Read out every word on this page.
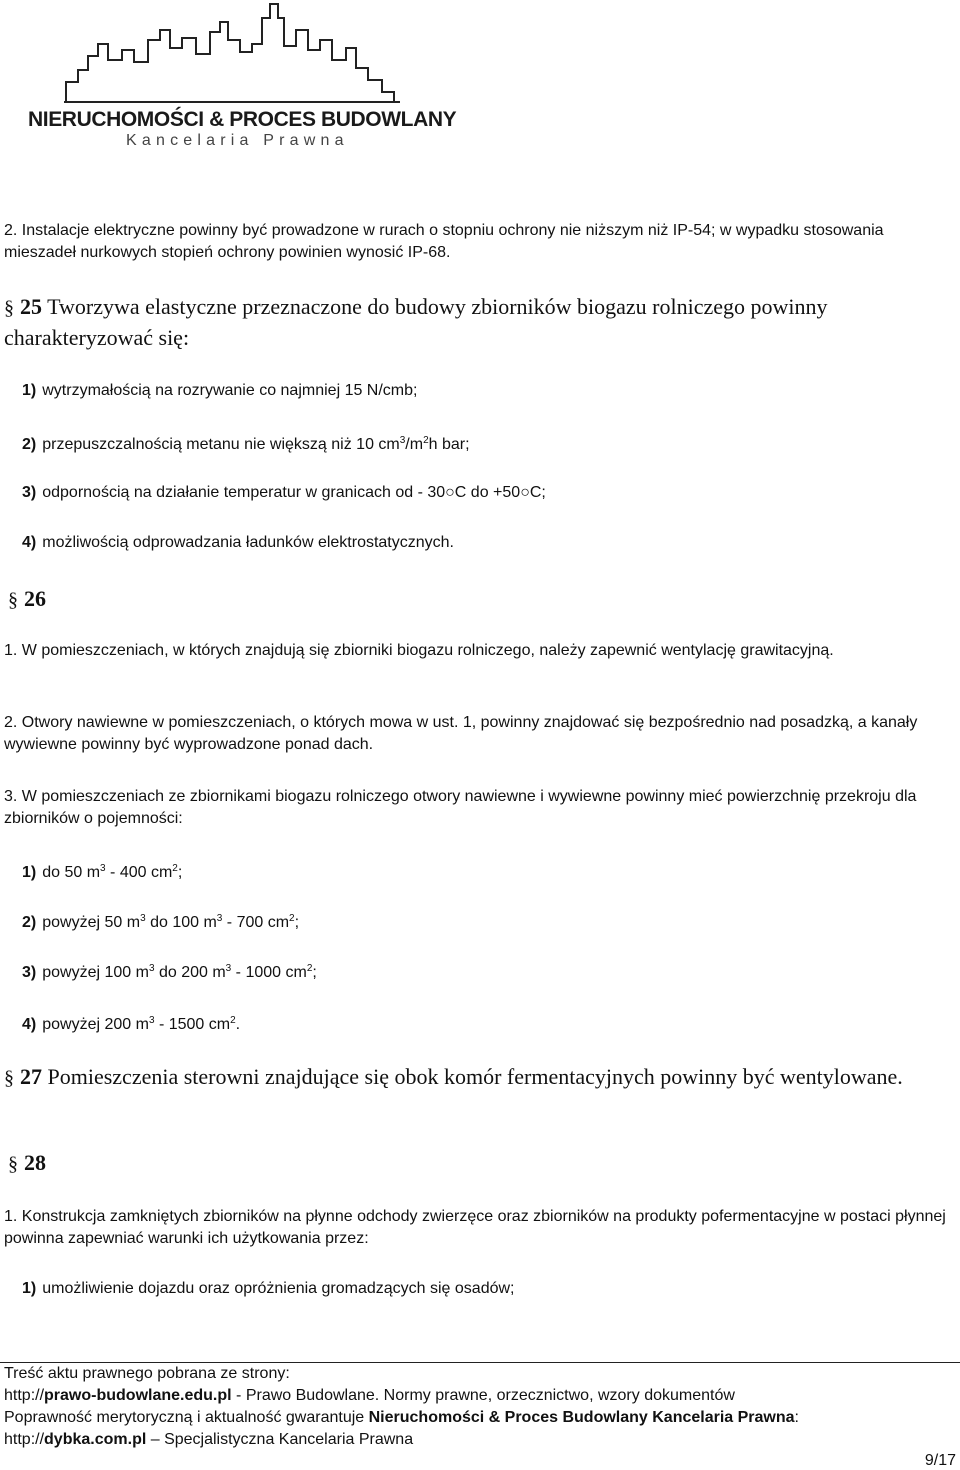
NIERUCHOMOŚCI & PROCES BUDOWLANY
Kancelaria Prawna
2. Instalacje elektryczne powinny być prowadzone w rurach o stopniu ochrony nie niższym niż IP-54; w wypadku stosowania mieszadeł nurkowych stopień ochrony powinien wynosić IP-68.
§ 25 Tworzywa elastyczne przeznaczone do budowy zbiorników biogazu rolniczego powinny charakteryzować się:
1) wytrzymałością na rozrywanie co najmniej 15 N/cmb;
2) przepuszczalnością metanu nie większą niż 10 $cm^3/m^2h$ bar;
3) odpornością na działanie temperatur w granicach od - 30○C do +50○C;
4) możliwością odprowadzania ładunków elektrostatycznych.
§ 26
1. W pomieszczeniach, w których znajdują się zbiorniki biogazu rolniczego, należy zapewnić wentylację grawitacyjną.
2. Otwory nawiewne w pomieszczeniach, o których mowa w ust. 1, powinny znajdować się bezpośrednio nad posadzką, a kanały wywiewne powinny być wyprowadzone ponad dach.
3. W pomieszczeniach ze zbiornikami biogazu rolniczego otwory nawiewne i wywiewne powinny mieć powierzchnię przekroju dla zbiorników o pojemności:
1) do 50 $m^3 - 400$ $cm^2$;
2) powyżej 50 $m^3$ do 100 $m^3 - 700$ $cm^2$;
3) powyżej 100 $m^3$ do 200 $m^3 - 1000$ $cm^2$;
4) powyżej 200 $m^3 - 1500$ $cm^2$.
§ 27 Pomieszczenia sterowni znajdujące się obok komór fermentacyjnych powinny być wentylowane.
§ 28
1. Konstrukcja zamkniętych zbiorników na płynne odchody zwierzęce oraz zbiorników na produkty pofermentacyjne w postaci płynnej powinna zapewniać warunki ich użytkowania przez:
1) umożliwienie dojazdu oraz opróżnienia gromadzących się osadów;
Treść aktu prawnego pobrana ze strony:
http://prawo-budowlane.edu.pl - Prawo Budowlane. Normy prawne, orzecznictwo, wzory dokumentów
Poprawność merytoryczną i aktualność gwarantuje Nieruchomości & Proces Budowlany Kancelaria Prawna:
http://dybka.com.pl – Specjalistyczna Kancelaria Prawna
9/17
